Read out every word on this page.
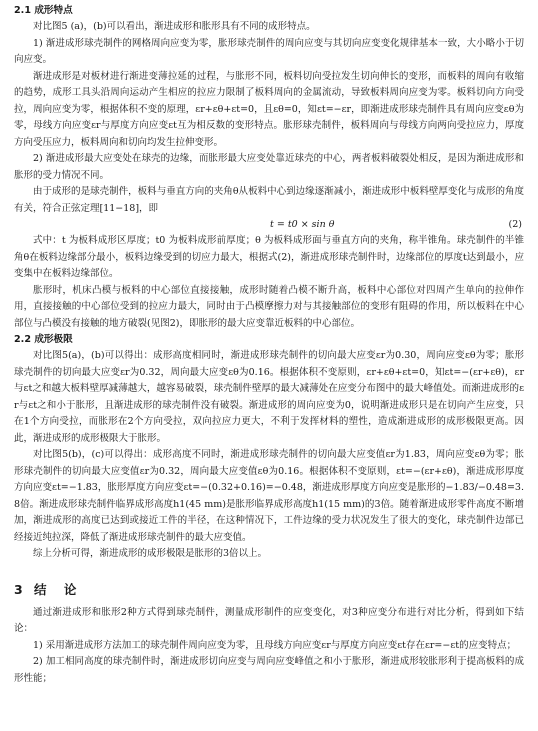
2.1 成形特点

对比图5 (a)，(b)可以看出，渐进成形和胀形具有不同的成形特点。

1) 渐进成形球壳制件的网格周向应变为零，胀形球壳制件的周向应变与其切向应变变化规律基本一致，大小略小于切向应变。

渐进成形是对板材进行渐进变薄拉延的过程，与胀形不同，板料切向受拉发生切向伸长的变形，而板料的周向有收缩的趋势，成形工具头沿周向运动产生相应的拉应力限制了板料周向的金属流动，导致板料周向应变为零。板料切向方向受拉，周向应变为零，根据体积不变的原理，εr+εθ+εt=0，且εθ=0，知εt=−εr，即渐进成形球壳制件具有周向应变εθ为零，母线方向应变εr与厚度方向应变εt互为相反数的变形特点。胀形球壳制件，板料周向与母线方向两向受拉应力，厚度方向受压应力，板料周向和切向均发生拉伸变形。

2) 渐进成形最大应变处在球壳的边缘，而胀形最大应变处靠近球壳的中心，两者板料破裂处相反，是因为渐进成形和胀形的受力情况不同。

由于成形的是球壳制件，板料与垂直方向的夹角θ从板料中心到边缘逐渐减小，渐进成形中板料壁厚变化与成形的角度有关，符合正弦定理[11−18]，即

t = t0 × sin θ	(2)

式中：t 为板料成形区厚度；t0 为板料成形前厚度；θ 为板料成形面与垂直方向的夹角，称半锥角。球壳制件的半锥角θ在板料边缘部分最小，板料边缘受到的切应力最大，根据式(2)，渐进成形球壳制件时，边缘部位的厚度t达到最小，应变集中在板料边缘部位。

胀形时，机床凸模与板料的中心部位直接接触，成形时随着凸模不断升高，板料中心部位对四周产生单向的拉伸作用，直接接触的中心部位受到的拉应力最大，同时由于凸模摩擦力对与其接触部位的变形有阻碍的作用，所以板料在中心部位与凸模没有接触的地方破裂(见图2)，即胀形的最大应变靠近板料的中心部位。

2.2 成形极限

对比图5(a)，(b)可以得出：成形高度相同时，渐进成形球壳制件的切向最大应变εr为0.30，周向应变εθ为零；胀形球壳制件的切向最大应变εr为0.32，周向最大应变εθ为0.16。根据体积不变原则，εr+εθ+εt=0，知εt=−(εr+εθ)，εr与εt之和越大板料壁厚减薄越大，越容易破裂，球壳制件壁厚的最大减薄处在应变分布图中的最大峰值处。而渐进成形的εr与εt之和小于胀形，且渐进成形的球壳制件没有破裂。渐进成形的周向应变为0，说明渐进成形只是在切向产生应变，只在1个方向受拉，而胀形在2个方向受拉，双向拉应力更大，不利于发挥材料的塑性，造成渐进成形的成形极限更高。因此，渐进成形的成形极限大于胀形。

对比图5(b)，(c)可以得出：成形高度不同时，渐进成形球壳制件的切向最大应变值εr为1.83，周向应变εθ为零；胀形球壳制件的切向最大应变值εr为0.32，周向最大应变值εθ为0.16。根据体积不变原则，εt=−(εr+εθ)，渐进成形厚度方向应变εt=−1.83，胀形厚度方向应变εt=−(0.32+0.16)=−0.48，渐进成形厚度方向应变是胀形的−1.83/−0.48=3.8倍。渐进成形球壳制件临界成形高度h1(45 mm)是胀形临界成形高度h1(15 mm)的3倍。随着渐进成形零件高度不断增加，渐进成形的高度已达到或接近工件的半径，在这种情况下，工件边缘的受力状况发生了很大的变化，球壳制件边部已经接近纯拉深，降低了渐进成形球壳制件的最大应变值。

综上分析可得，渐进成形的成形极限是胀形的3倍以上。

3 结    论

通过渐进成形和胀形2种方式得到球壳制件，测量成形制件的应变变化，对3种应变分布进行对比分析，得到如下结论：

1) 采用渐进成形方法加工的球壳制件周向应变为零，且母线方向应变εr与厚度方向应变εt存在εr=−εt的应变特点；

2) 加工相同高度的球壳制件时，渐进成形切向应变与周向应变峰值之和小于胀形，渐进成形较胀形利于提高板料的成形性能；
